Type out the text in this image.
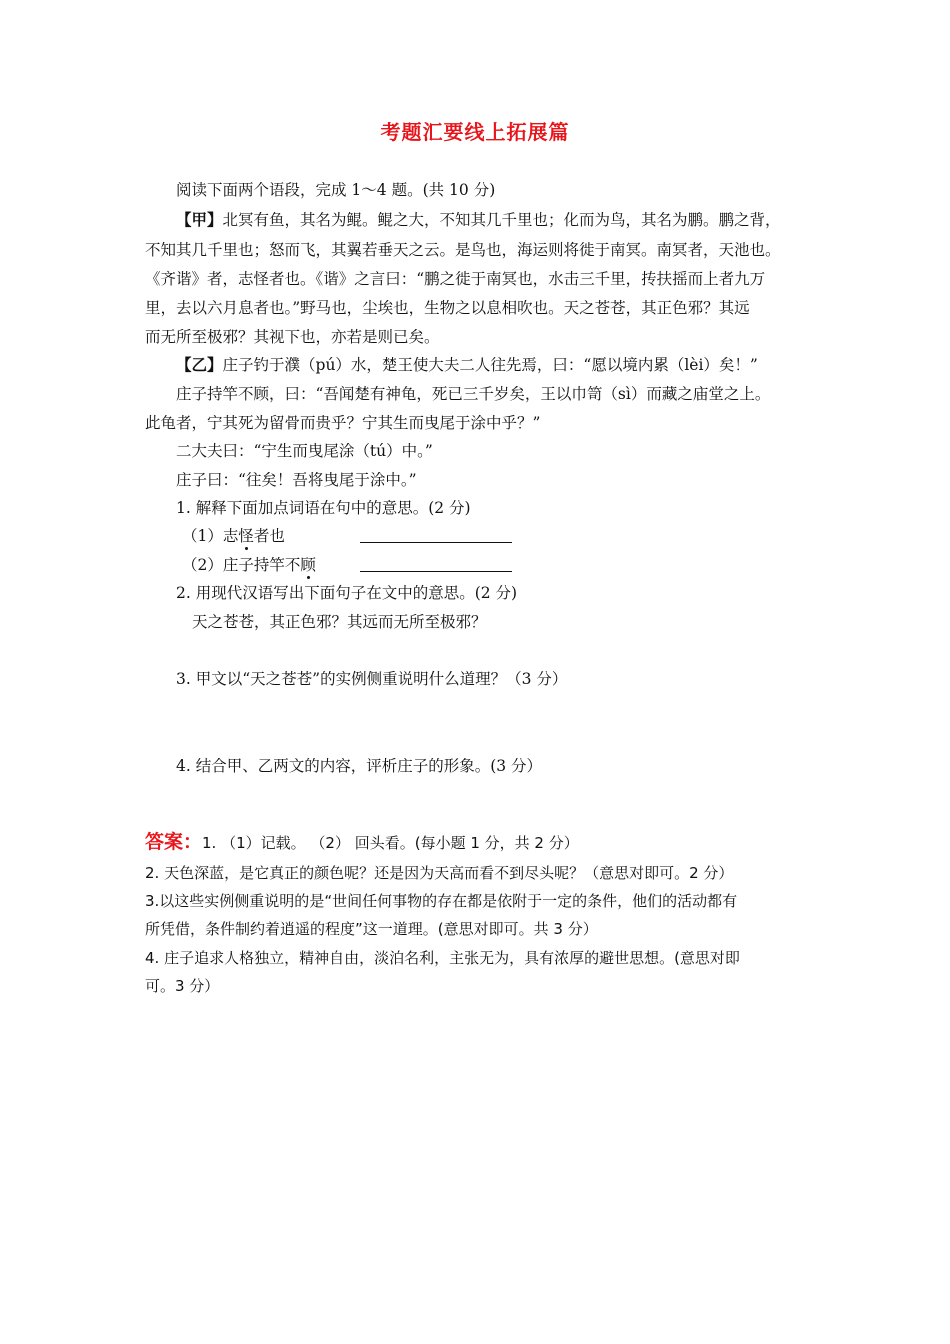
考题汇要线上拓展篇
阅读下面两个语段，完成 1～4 题。(共 10 分)
【甲】北冥有鱼，其名为鲲。鲲之大，不知其几千里也；化而为鸟，其名为鹏。鹏之背，
不知其几千里也；怒而飞，其翼若垂天之云。是鸟也，海运则将徙于南冥。南冥者，天池也。
《齐谐》者，志怪者也。《谐》之言曰：“鹏之徙于南冥也，水击三千里，抟扶摇而上者九万
里，去以六月息者也。”野马也，尘埃也，生物之以息相吹也。天之苍苍，其正色邪？其远
而无所至极邪？其视下也，亦若是则已矣。
【乙】庄子钓于濮（pú）水，楚王使大夫二人往先焉，曰：“愿以境内累（lèi）矣！”
庄子持竿不顾，曰：“吾闻楚有神龟，死已三千岁矣，王以巾笥（sì）而藏之庙堂之上。
此龟者，宁其死为留骨而贵乎？宁其生而曳尾于涂中乎？”
二大夫曰：“宁生而曳尾涂（tú）中。”
庄子曰：“往矣！吾将曳尾于涂中。”
1. 解释下面加点词语在句中的意思。(2 分)
（1）志怪者也
（2）庄子持竿不顾
2. 用现代汉语写出下面句子在文中的意思。(2 分)
天之苍苍，其正色邪？其远而无所至极邪？
3. 甲文以“天之苍苍”的实例侧重说明什么道理？（3 分）
4. 结合甲、乙两文的内容，评析庄子的形象。(3 分）
答案：1. （1）记载。 （2） 回头看。(每小题 1 分，共 2 分）
2. 天色深蓝，是它真正的颜色呢？还是因为天高而看不到尽头呢？（意思对即可。2 分）
3.以这些实例侧重说明的是“世间任何事物的存在都是依附于一定的条件，他们的活动都有
所凭借，条件制约着逍遥的程度”这一道理。(意思对即可。共 3 分）
4. 庄子追求人格独立，精神自由，淡泊名利，主张无为，具有浓厚的避世思想。(意思对即
可。3 分）
